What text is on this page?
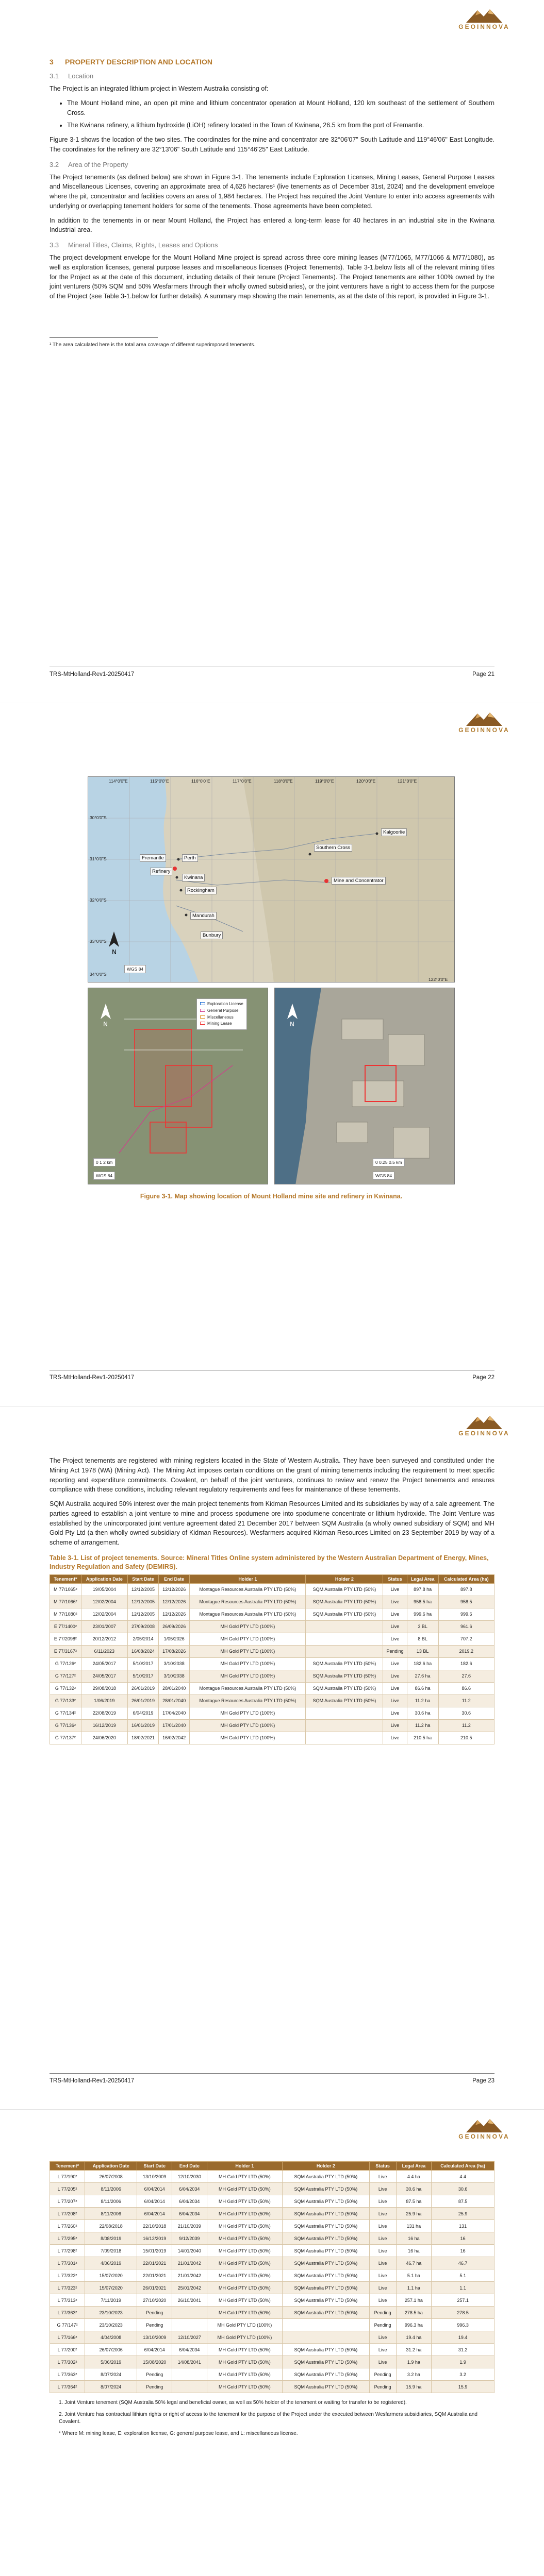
GEOINNOVA
3 PROPERTY DESCRIPTION AND LOCATION
3.1 Location

The Project is an integrated lithium project in Western Australia consisting of:

• The Mount Holland mine, an open pit mine and lithium concentrator operation at Mount Holland, 120 km southeast of the settlement of Southern Cross.
• The Kwinana refinery, a lithium hydroxide (LiOH) refinery located in the Town of Kwinana, 26.5 km from the port of Fremantle.

Figure 3-1 shows the location of the two sites. The coordinates for the mine and concentrator are 32°06'07" South Latitude and 119°46'06" East Longitude. The coordinates for the refinery are 32°13'06" South Latitude and 115°46'25" East Latitude.

3.2 Area of the Property

The Project tenements (as defined below) are shown in Figure 3-1. The tenements include Exploration Licenses, Mining Leases, General Purpose Leases and Miscellaneous Licenses, covering an approximate area of 4,626 hectares¹ (live tenements as of December 31st, 2024) and the development envelope where the pit, concentrator and facilities covers an area of 1,984 hectares. The Project has required the Joint Venture to enter into access agreements with underlying or overlapping tenement holders for some of the tenements. Those agreements have been completed.

In addition to the tenements in or near Mount Holland, the Project has entered a long-term lease for 40 hectares in an industrial site in the Kwinana Industrial area.

3.3 Mineral Titles, Claims, Rights, Leases and Options

The project development envelope for the Mount Holland Mine project is spread across three core mining leases (M77/1065, M77/1066 & M77/1080), as well as exploration licenses, general purpose leases and miscellaneous licenses (Project Tenements). Table 3-1.below lists all of the relevant mining titles for the Project as at the date of this document, including details of their tenure (Project Tenements). The Project tenements are either 100% owned by the joint venturers (50% SQM and 50% Wesfarmers through their wholly owned subsidiaries), or the joint venturers have a right to access them for the purpose of the Project (see Table 3-1.below for further details). A summary map showing the main tenements, as at the date of this report, is provided in Figure 3-1.

¹ The area calculated here is the total area coverage of different superimposed tenements.

TRS-MtHolland-Rev1-20250417	Page 21
GEOINNOVA
N
114°0'0"E	115°0'0"E	116°0'0"E	117°0'0"E	118°0'0"E	119°0'0"E	120°0'0"E	121°0'0"E
122°0'0"E
30°0'0"S
31°0'0"S
32°0'0"S
33°0'0"S
34°0'0"S
Fremantle	Perth
Kwinana
Rockingham
Mandurah
Bunbury
Southern Cross
Mine and Concentrator
Kalgoorlie
Refinery
WGS 84
N
Exploration License
General Purpose
Miscellaneous
Mining Lease
0 1 2 km
WGS 84
N
0 0.25 0.5 km
WGS 84
Figure 3-1. Map showing location of Mount Holland mine site and refinery in Kwinana.
TRS-MtHolland-Rev1-20250417	Page 22
GEOINNOVA

The Project tenements are registered with mining registers located in the State of Western Australia. They have been surveyed and constituted under the Mining Act 1978 (WA) (Mining Act). The Mining Act imposes certain conditions on the grant of mining tenements including the requirement to meet specific reporting and expenditure commitments. Covalent, on behalf of the joint venturers, continues to review and renew the Project tenements and ensures compliance with these conditions, including relevant regulatory requirements and fees for maintenance of these tenements.

SQM Australia acquired 50% interest over the main project tenements from Kidman Resources Limited and its subsidiaries by way of a sale agreement. The parties agreed to establish a joint venture to mine and process spodumene ore into spodumene concentrate or lithium hydroxide. The Joint Venture was established by the unincorporated joint venture agreement dated 21 December 2017 between SQM Australia (a wholly owned subsidiary of SQM) and MH Gold Pty Ltd (a then wholly owned subsidiary of Kidman Resources). Wesfarmers acquired Kidman Resources Limited on 23 September 2019 by way of a scheme of arrangement.

Table 3-1. List of project tenements. Source: Mineral Titles Online system administered by the Western Australian Department of Energy, Mines, Industry Regulation and Safety (DEMIRS).
Tenement*	Application Date	Start Date	End Date	Holder 1	Holder 2	Status	Legal Area	Calculated Area (ha)
M 77/1065²	19/05/2004	12/12/2005	12/12/2026	Montague Resources Australia PTY LTD (50%)	SQM Australia PTY LTD (50%)	Live	897.8 ha	897.8
M 77/1066²	12/02/2004	12/12/2005	12/12/2026	Montague Resources Australia PTY LTD (50%)	SQM Australia PTY LTD (50%)	Live	958.5 ha	958.5
M 77/1080²	12/02/2004	12/12/2005	12/12/2026	Montague Resources Australia PTY LTD (50%)	SQM Australia PTY LTD (50%)	Live	999.6 ha	999.6
E 77/1400²	23/01/2007	27/09/2008	26/09/2026	MH Gold PTY LTD (100%)		Live	3 BL	961.6
E 77/2098²	20/12/2012	2/05/2014	1/05/2026	MH Gold PTY LTD (100%)		Live	8 BL	707.2
E 77/3167²	6/11/2023	16/08/2024	17/08/2026	MH Gold PTY LTD (100%)		Pending	13 BL	2019.2
G 77/126²	24/05/2017	5/10/2017	3/10/2038	MH Gold PTY LTD (100%)	SQM Australia PTY LTD (50%)	Live	182.6 ha	182.6
G 77/127²	24/05/2017	5/10/2017	3/10/2038	MH Gold PTY LTD (100%)	SQM Australia PTY LTD (50%)	Live	27.6 ha	27.6
G 77/132²	29/08/2018	26/01/2019	28/01/2040	Montague Resources Australia PTY LTD (50%)	SQM Australia PTY LTD (50%)	Live	86.6 ha	86.6
G 77/133²	1/06/2019	26/01/2019	28/01/2040	Montague Resources Australia PTY LTD (50%)	SQM Australia PTY LTD (50%)	Live	11.2 ha	11.2
G 77/134²	22/08/2019	6/04/2019	17/04/2040	MH Gold PTY LTD (100%)		Live	30.6 ha	30.6
G 77/136²	16/12/2019	16/01/2019	17/01/2040	MH Gold PTY LTD (100%)		Live	11.2 ha	11.2
G 77/137²	24/06/2020	18/02/2021	16/02/2042	MH Gold PTY LTD (100%)		Live	210.5 ha	210.5
TRS-MtHolland-Rev1-20250417	Page 23
GEOINNOVA
Tenement*	Application Date	Start Date	End Date	Holder 1	Holder 2	Status	Legal Area	Calculated Area (ha)
L 77/190²	26/07/2008	13/10/2009	12/10/2030	MH Gold PTY LTD (50%)	SQM Australia PTY LTD (50%)	Live	4.4 ha	4.4
L 77/205²	8/11/2006	6/04/2014	6/04/2034	MH Gold PTY LTD (50%)	SQM Australia PTY LTD (50%)	Live	30.6 ha	30.6
L 77/207²	8/11/2006	6/04/2014	6/04/2034	MH Gold PTY LTD (50%)	SQM Australia PTY LTD (50%)	Live	87.5 ha	87.5
L 77/208²	8/11/2006	6/04/2014	6/04/2034	MH Gold PTY LTD (50%)	SQM Australia PTY LTD (50%)	Live	25.9 ha	25.9
L 77/260²	22/08/2018	22/10/2018	21/10/2039	MH Gold PTY LTD (50%)	SQM Australia PTY LTD (50%)	Live	131 ha	131
L 77/295²	8/08/2019	16/12/2019	9/12/2039	MH Gold PTY LTD (50%)	SQM Australia PTY LTD (50%)	Live	16 ha	16
L 77/298²	7/09/2018	15/01/2019	14/01/2040	MH Gold PTY LTD (50%)	SQM Australia PTY LTD (50%)	Live	16 ha	16
L 77/301²	4/06/2019	22/01/2021	21/01/2042	MH Gold PTY LTD (50%)	SQM Australia PTY LTD (50%)	Live	46.7 ha	46.7
L 77/322²	15/07/2020	22/01/2021	21/01/2042	MH Gold PTY LTD (50%)	SQM Australia PTY LTD (50%)	Live	5.1 ha	5.1
L 77/323²	15/07/2020	26/01/2021	25/01/2042	MH Gold PTY LTD (50%)	SQM Australia PTY LTD (50%)	Live	1.1 ha	1.1
L 77/313²	7/11/2019	27/10/2020	26/10/2041	MH Gold PTY LTD (50%)	SQM Australia PTY LTD (50%)	Live	257.1 ha	257.1
L 77/363²	23/10/2023	Pending		MH Gold PTY LTD (50%)	SQM Australia PTY LTD (50%)	Pending	278.5 ha	278.5
G 77/147²	23/10/2023	Pending		MH Gold PTY LTD (100%)		Pending	996.3 ha	996.3
L 77/166²	4/04/2008	13/10/2009	12/10/2027	MH Gold PTY LTD (100%)		Live	19.4 ha	19.4
L 77/200²	26/07/2006	6/04/2014	6/04/2034	MH Gold PTY LTD (50%)	SQM Australia PTY LTD (50%)	Live	31.2 ha	31.2
L 77/302²	5/06/2019	15/08/2020	14/08/2041	MH Gold PTY LTD (50%)	SQM Australia PTY LTD (50%)	Live	1.9 ha	1.9
L 77/363²	8/07/2024	Pending		MH Gold PTY LTD (50%)	SQM Australia PTY LTD (50%)	Pending	3.2 ha	3.2
L 77/364²	8/07/2024	Pending		MH Gold PTY LTD (50%)	SQM Australia PTY LTD (50%)	Pending	15.9 ha	15.9

1. Joint Venture tenement (SQM Australia 50% legal and beneficial owner, as well as 50% holder of the tenement or waiting for transfer to be registered).

2. Joint Venture has contractual lithium rights or right of access to the tenement for the purpose of the Project under the executed between Wesfarmers subsidiaries, SQM Australia and Covalent.

* Where M: mining lease, E: exploration license, G: general purpose lease, and L: miscellaneous license.
